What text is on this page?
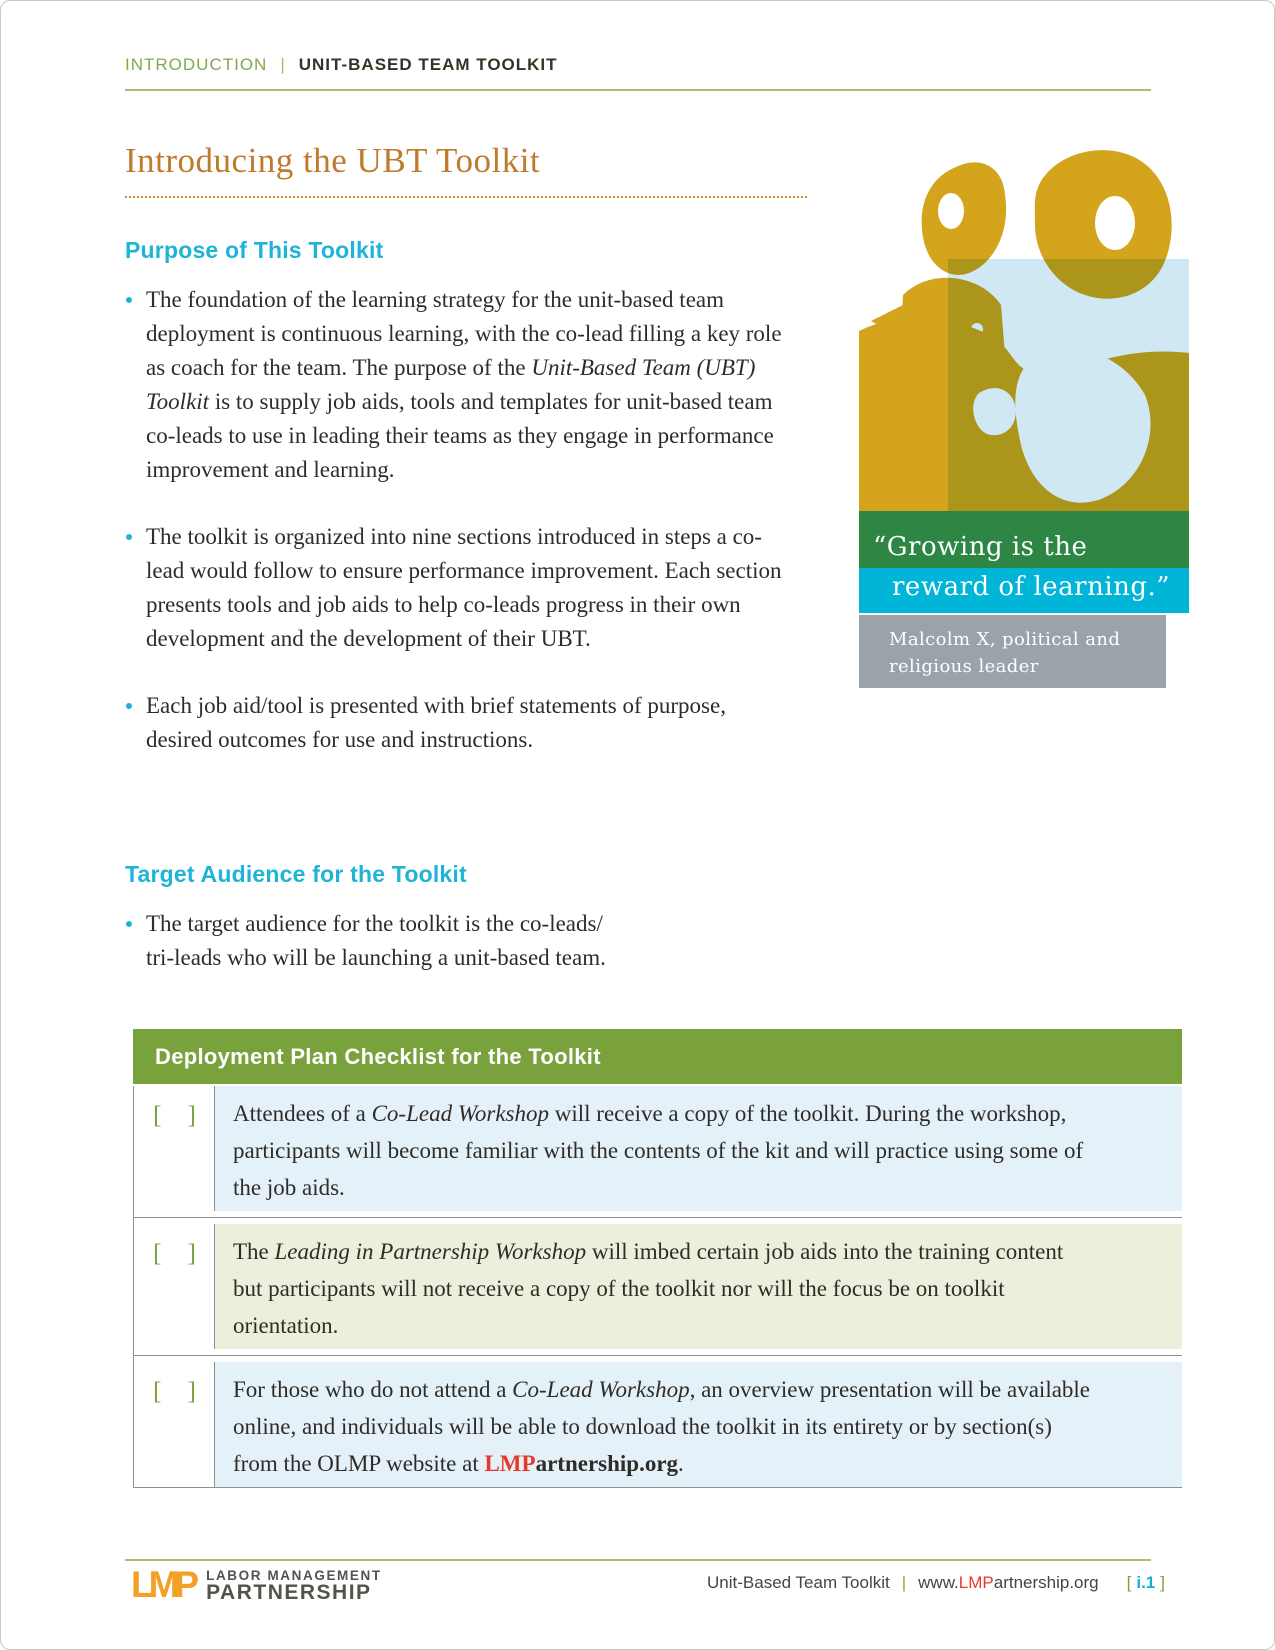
INTRODUCTION | UNIT-BASED TEAM TOOLKIT
Introducing the UBT Toolkit
Purpose of This Toolkit
The foundation of the learning strategy for the unit-based team deployment is continuous learning, with the co-lead filling a key role as coach for the team. The purpose of the Unit-Based Team (UBT) Toolkit is to supply job aids, tools and templates for unit-based team co-leads to use in leading their teams as they engage in performance improvement and learning.
The toolkit is organized into nine sections introduced in steps a co-lead would follow to ensure performance improvement. Each section presents tools and job aids to help co-leads progress in their own development and the development of their UBT.
Each job aid/tool is presented with brief statements of purpose, desired outcomes for use and instructions.
Target Audience for the Toolkit
The target audience for the toolkit is the co-leads/
tri-leads who will be launching a unit-based team.
“Growing is the
reward of learning.”
Malcolm X, political and
religious leader
Deployment Plan Checklist for the Toolkit
[ ]	Attendees of a Co-Lead Workshop will receive a copy of the toolkit. During the workshop, participants will become familiar with the contents of the kit and will practice using some of the job aids.
[ ]	The Leading in Partnership Workshop will imbed certain job aids into the training content but participants will not receive a copy of the toolkit nor will the focus be on toolkit orientation.
[ ]	For those who do not attend a Co-Lead Workshop, an overview presentation will be available online, and individuals will be able to download the toolkit in its entirety or by section(s) from the OLMP website at LMPartnership.org.
LMP LABOR MANAGEMENT
PARTNERSHIP	Unit-Based Team Toolkit | www.LMPartnership.org [ i.1 ]
